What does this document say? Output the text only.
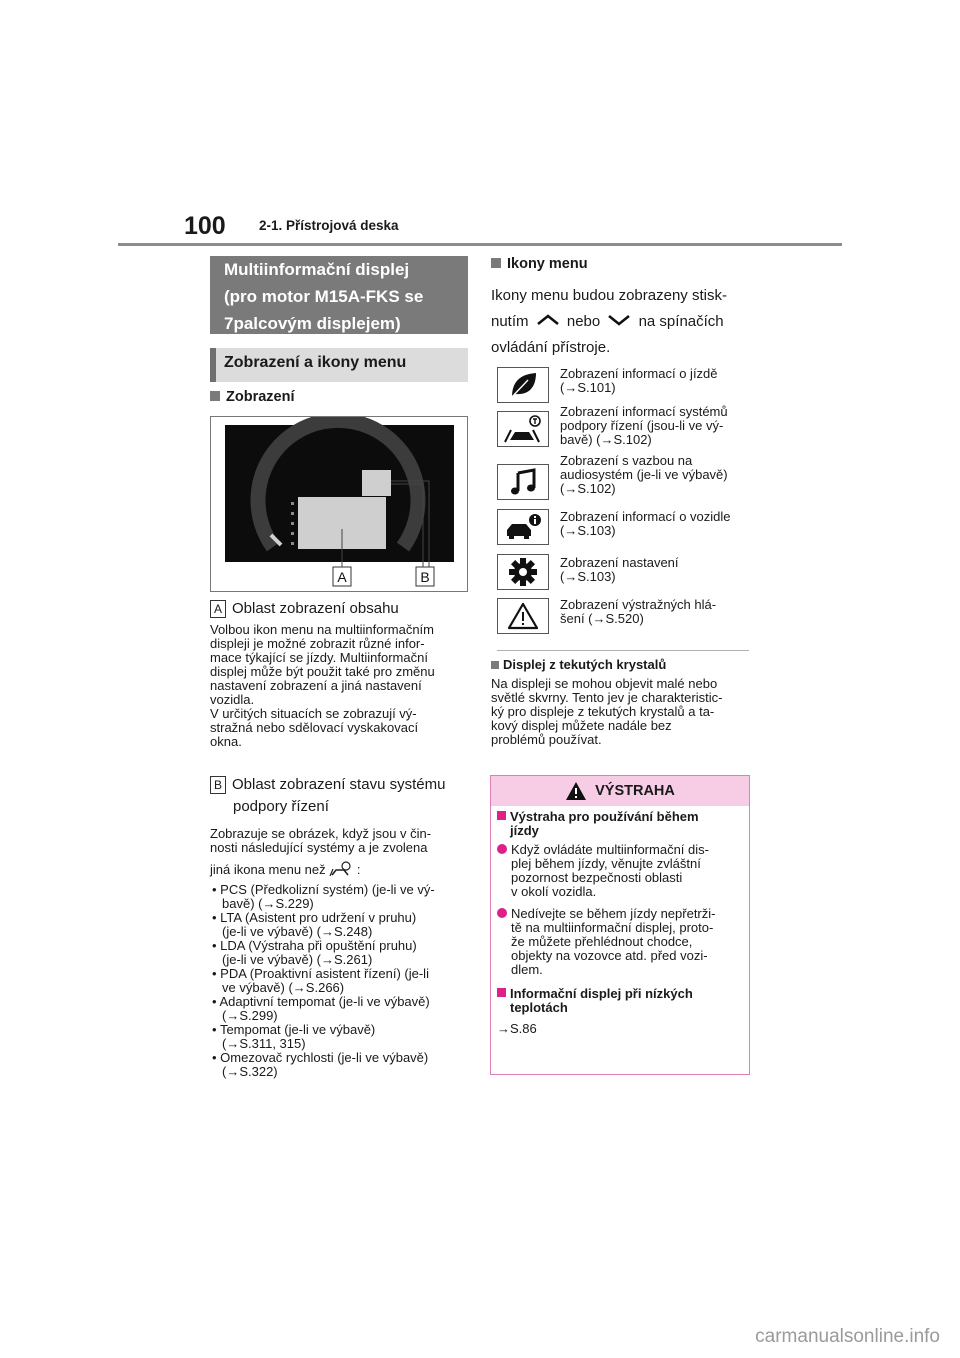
100 2-1. Přístrojová deska
Multiinformační displej
(pro motor M15A-FKS se
7palcovým displejem)
Zobrazení a ikony menu
Zobrazení
A	B
A Oblast zobrazení obsahu
Volbou ikon menu na multiinformačním
displeji je možné zobrazit různé infor-
mace týkající se jízdy. Multiinformační
displej může být použit také pro změnu
nastavení zobrazení a jiná nastavení
vozidla.
V určitých situacích se zobrazují vý-
stražná nebo sdělovací vyskakovací
okna.
B Oblast zobrazení stavu systému
podpory řízení
Zobrazuje se obrázek, když jsou v čin-
nosti následující systémy a je zvolena
jiná ikona menu než :
• PCS (Předkolizní systém) (je-li ve vý-
bavě) (→S.229)
• LTA (Asistent pro udržení v pruhu)
(je-li ve výbavě) (→S.248)
• LDA (Výstraha při opuštění pruhu)
(je-li ve výbavě) (→S.261)
• PDA (Proaktivní asistent řízení) (je-li
ve výbavě) (→S.266)
• Adaptivní tempomat (je-li ve výbavě)
(→S.299)
• Tempomat (je-li ve výbavě)
(→S.311, 315)
• Omezovač rychlosti (je-li ve výbavě)
(→S.322)
Ikony menu
Ikony menu budou zobrazeny stisk-
nutím	nebo	na spínačích
ovládání přístroje.
Zobrazení informací o jízdě
(→S.101)
Zobrazení informací systémů
podpory řízení (jsou-li ve vý-
bavě) (→S.102)
Zobrazení s vazbou na
audiosystém (je-li ve výbavě)
(→S.102)
Zobrazení informací o vozidle
(→S.103)
Zobrazení nastavení
(→S.103)
Zobrazení výstražných hlá-
šení (→S.520)
Displej z tekutých krystalů
Na displeji se mohou objevit malé nebo
světlé skvrny. Tento jev je charakteristic-
ký pro displeje z tekutých krystalů a ta-
kový displej můžete nadále bez
problémů používat.
VÝSTRAHA
Výstraha pro používání během
jízdy
Když ovládáte multiinformační dis-
plej během jízdy, věnujte zvláštní
pozornost bezpečnosti oblasti
v okolí vozidla.
Nedívejte se během jízdy nepřetrži-
tě na multiinformační displej, proto-
že můžete přehlédnout chodce,
objekty na vozovce atd. před vozi-
dlem.
Informační displej při nízkých
teplotách
→S.86
carmanualsonline.info
